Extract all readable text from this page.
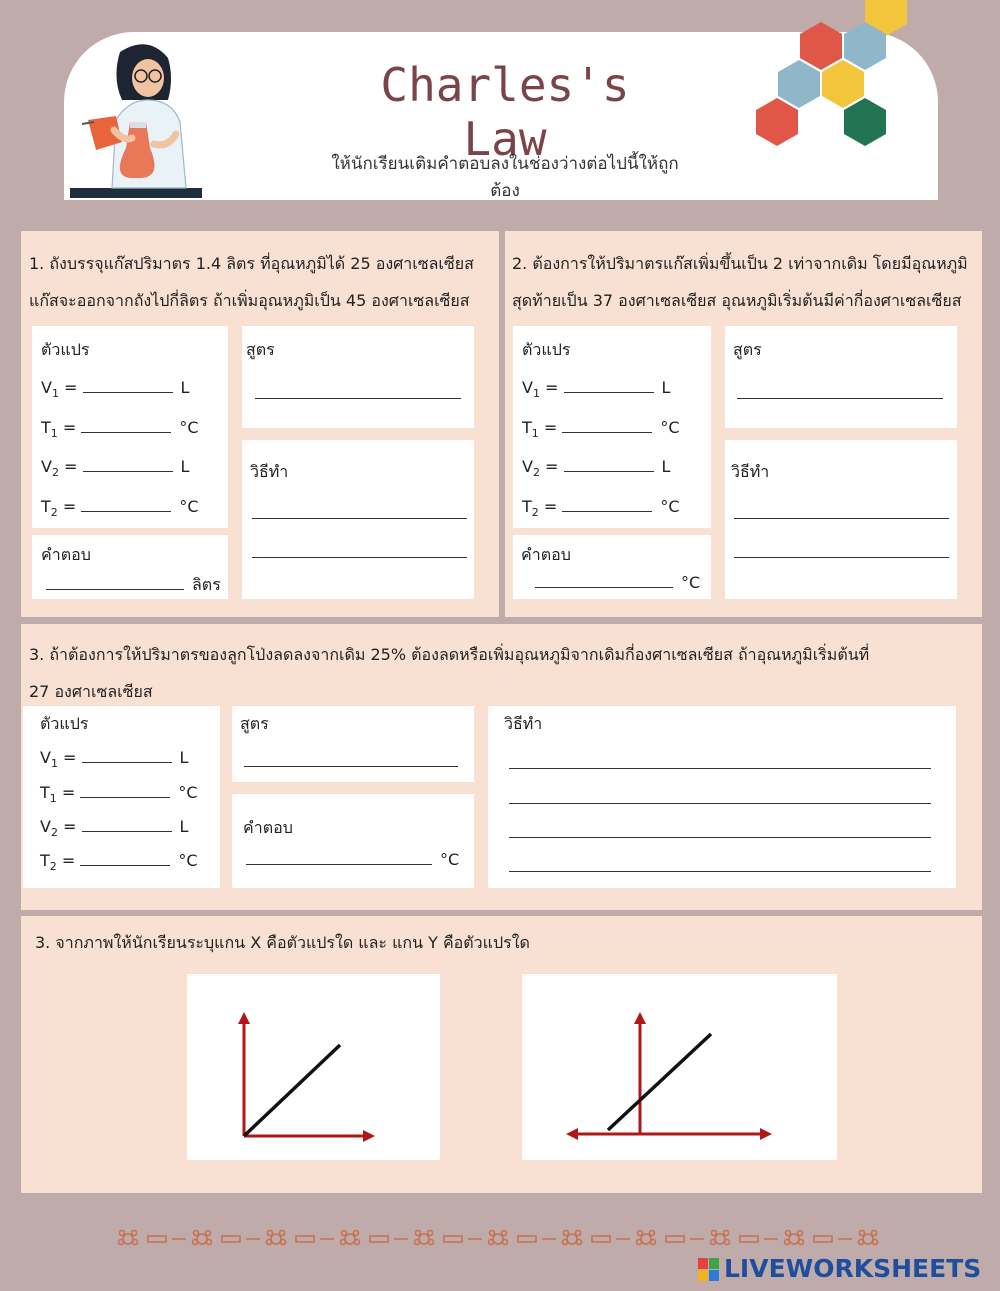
Charles's Law
ให้นักเรียนเติมคำตอบลงในช่องว่างต่อไปนี้ให้ถูกต้อง
1. ถังบรรจุแก๊สปริมาตร 1.4 ลิตร ที่อุณหภูมิได้ 25 องศาเซลเซียส
แก๊สจะออกจากถังไปกี่ลิตร ถ้าเพิ่มอุณหภูมิเป็น 45 องศาเซลเซียส
ตัวแปร
$V_1$ =	L
$T_1$ =	°C
$V_2$ =	L
$T_2$ =	°C
คำตอบ
ลิตร
สูตร
วิธีทำ
2. ต้องการให้ปริมาตรแก๊สเพิ่มขึ้นเป็น 2 เท่าจากเดิม โดยมีอุณหภูมิ
สุดท้ายเป็น 37 องศาเซลเซียส อุณหภูมิเริ่มต้นมีค่ากี่องศาเซลเซียส
ตัวแปร
$V_1$ =	L
$T_1$ =	°C
$V_2$ =	L
$T_2$ =	°C
คำตอบ
°C
สูตร
วิธีทำ
3. ถ้าต้องการให้ปริมาตรของลูกโป่งลดลงจากเดิม 25% ต้องลดหรือเพิ่มอุณหภูมิจากเดิมกี่องศาเซลเซียส ถ้าอุณหภูมิเริ่มต้นที่
27 องศาเซลเซียส
ตัวแปร
$V_1$ =	L
$T_1$ =	°C
$V_2$ =	L
$T_2$ =	°C
สูตร
คำตอบ
°C
วิธีทำ
3. จากภาพให้นักเรียนระบุแกน X คือตัวแปรใด และ แกน Y คือตัวแปรใด
LIVEWORKSHEETS
